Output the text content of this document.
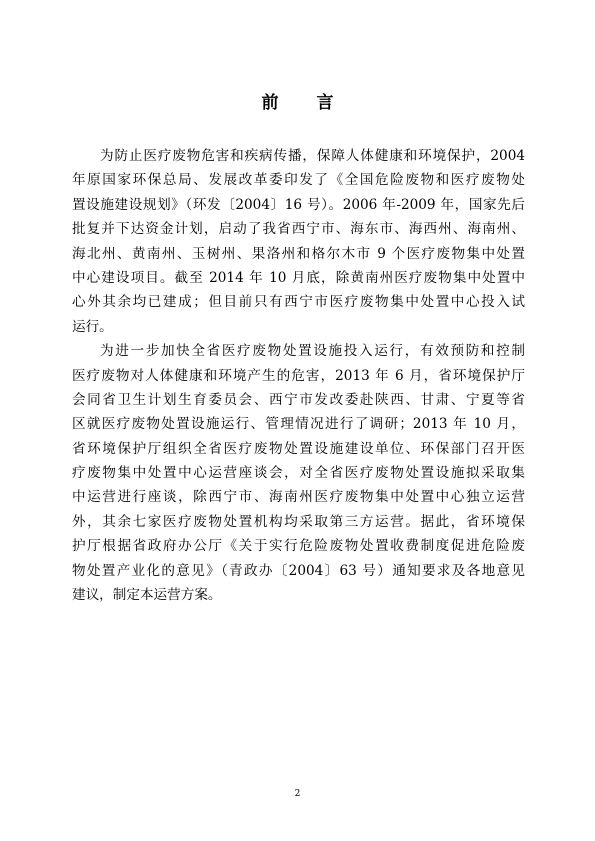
前 言
为防止医疗废物危害和疾病传播，保障人体健康和环境保护，2004
年原国家环保总局、发展改革委印发了《全国危险废物和医疗废物处
置设施建设规划》（环发〔2004〕16 号）。2006 年-2009 年，国家先后
批复并下达资金计划，启动了我省西宁市、海东市、海西州、海南州、
海北州、黄南州、玉树州、果洛州和格尔木市 9 个医疗废物集中处置
中心建设项目。截至 2014 年 10 月底，除黄南州医疗废物集中处置中
心外其余均已建成；但目前只有西宁市医疗废物集中处置中心投入试
运行。
为进一步加快全省医疗废物处置设施投入运行，有效预防和控制
医疗废物对人体健康和环境产生的危害，2013 年 6 月，省环境保护厅
会同省卫生计划生育委员会、西宁市发改委赴陕西、甘肃、宁夏等省
区就医疗废物处置设施运行、管理情况进行了调研；2013 年 10 月，
省环境保护厅组织全省医疗废物处置设施建设单位、环保部门召开医
疗废物集中处置中心运营座谈会，对全省医疗废物处置设施拟采取集
中运营进行座谈，除西宁市、海南州医疗废物集中处置中心独立运营
外，其余七家医疗废物处置机构均采取第三方运营。据此，省环境保
护厅根据省政府办公厅《关于实行危险废物处置收费制度促进危险废
物处置产业化的意见》（青政办〔2004〕63 号）通知要求及各地意见
建议，制定本运营方案。
2
